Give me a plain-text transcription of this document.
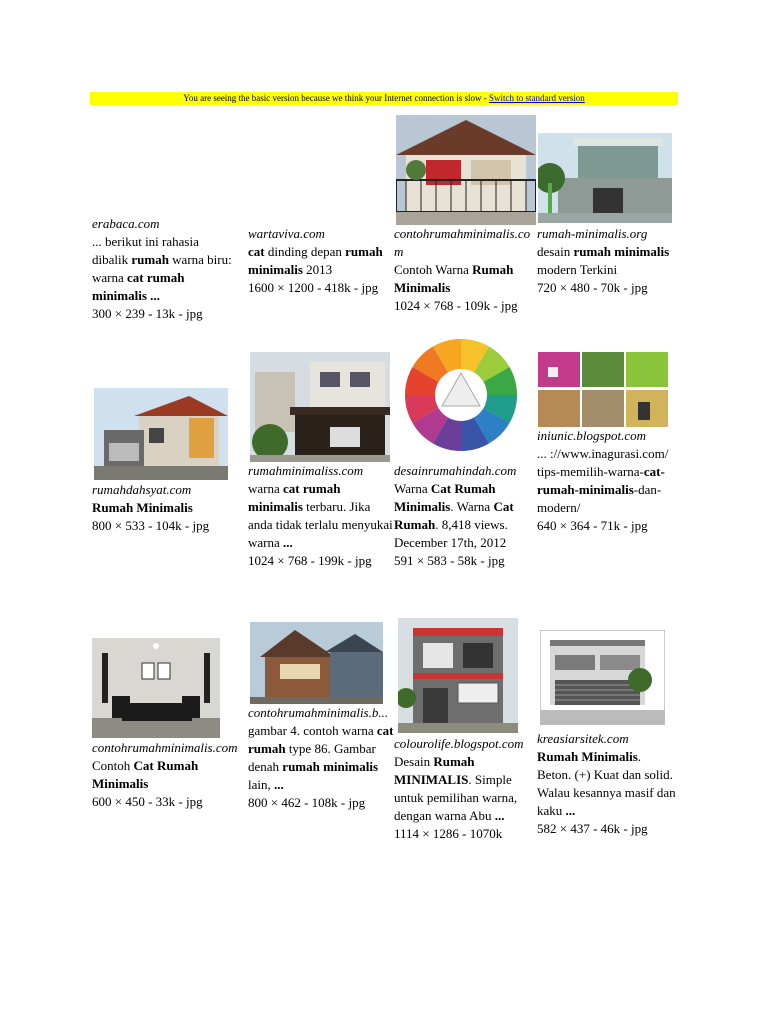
You are seeing the basic version because we think your Internet connection is slow - Switch to standard version
erabaca.com
... berikut ini rahasia dibalik rumah warna biru: warna cat rumah minimalis ...
300 × 239 - 13k - jpg
wartaviva.com
cat dinding depan rumah minimalis 2013
1600 × 1200 - 418k - jpg
contohrumahminimalis.com
Contoh Warna Rumah Minimalis
1024 × 768 - 109k - jpg
rumah-minimalis.org
desain rumah minimalis modern Terkini
720 × 480 - 70k - jpg
rumahdahsyat.com
Rumah Minimalis
800 × 533 - 104k - jpg
rumahminimaliss.com
warna cat rumah minimalis terbaru. Jika anda tidak terlalu menyukai warna ...
1024 × 768 - 199k - jpg
desainrumahindah.com
Warna Cat Rumah Minimalis. Warna Cat Rumah. 8,418 views. December 17th, 2012
591 × 583 - 58k - jpg
iniunic.blogspot.com
... ://www.inagurasi.com/ tips-memilih-warna-cat-rumah-minimalis-dan-modern/
640 × 364 - 71k - jpg
contohrumahminimalis.com
Contoh Cat Rumah Minimalis
600 × 450 - 33k - jpg
contohrumahminimalis.b...
gambar 4. contoh warna cat rumah type 86. Gambar denah rumah minimalis lain, ...
800 × 462 - 108k - jpg
colourolife.blogspot.com
Desain Rumah MINIMALIS. Simple untuk pemilihan warna, dengan warna Abu ...
1114 × 1286 - 1070k
kreasiarsitek.com
Rumah Minimalis. Beton. (+) Kuat dan solid. Walau kesannya masif dan kaku ...
582 × 437 - 46k - jpg
